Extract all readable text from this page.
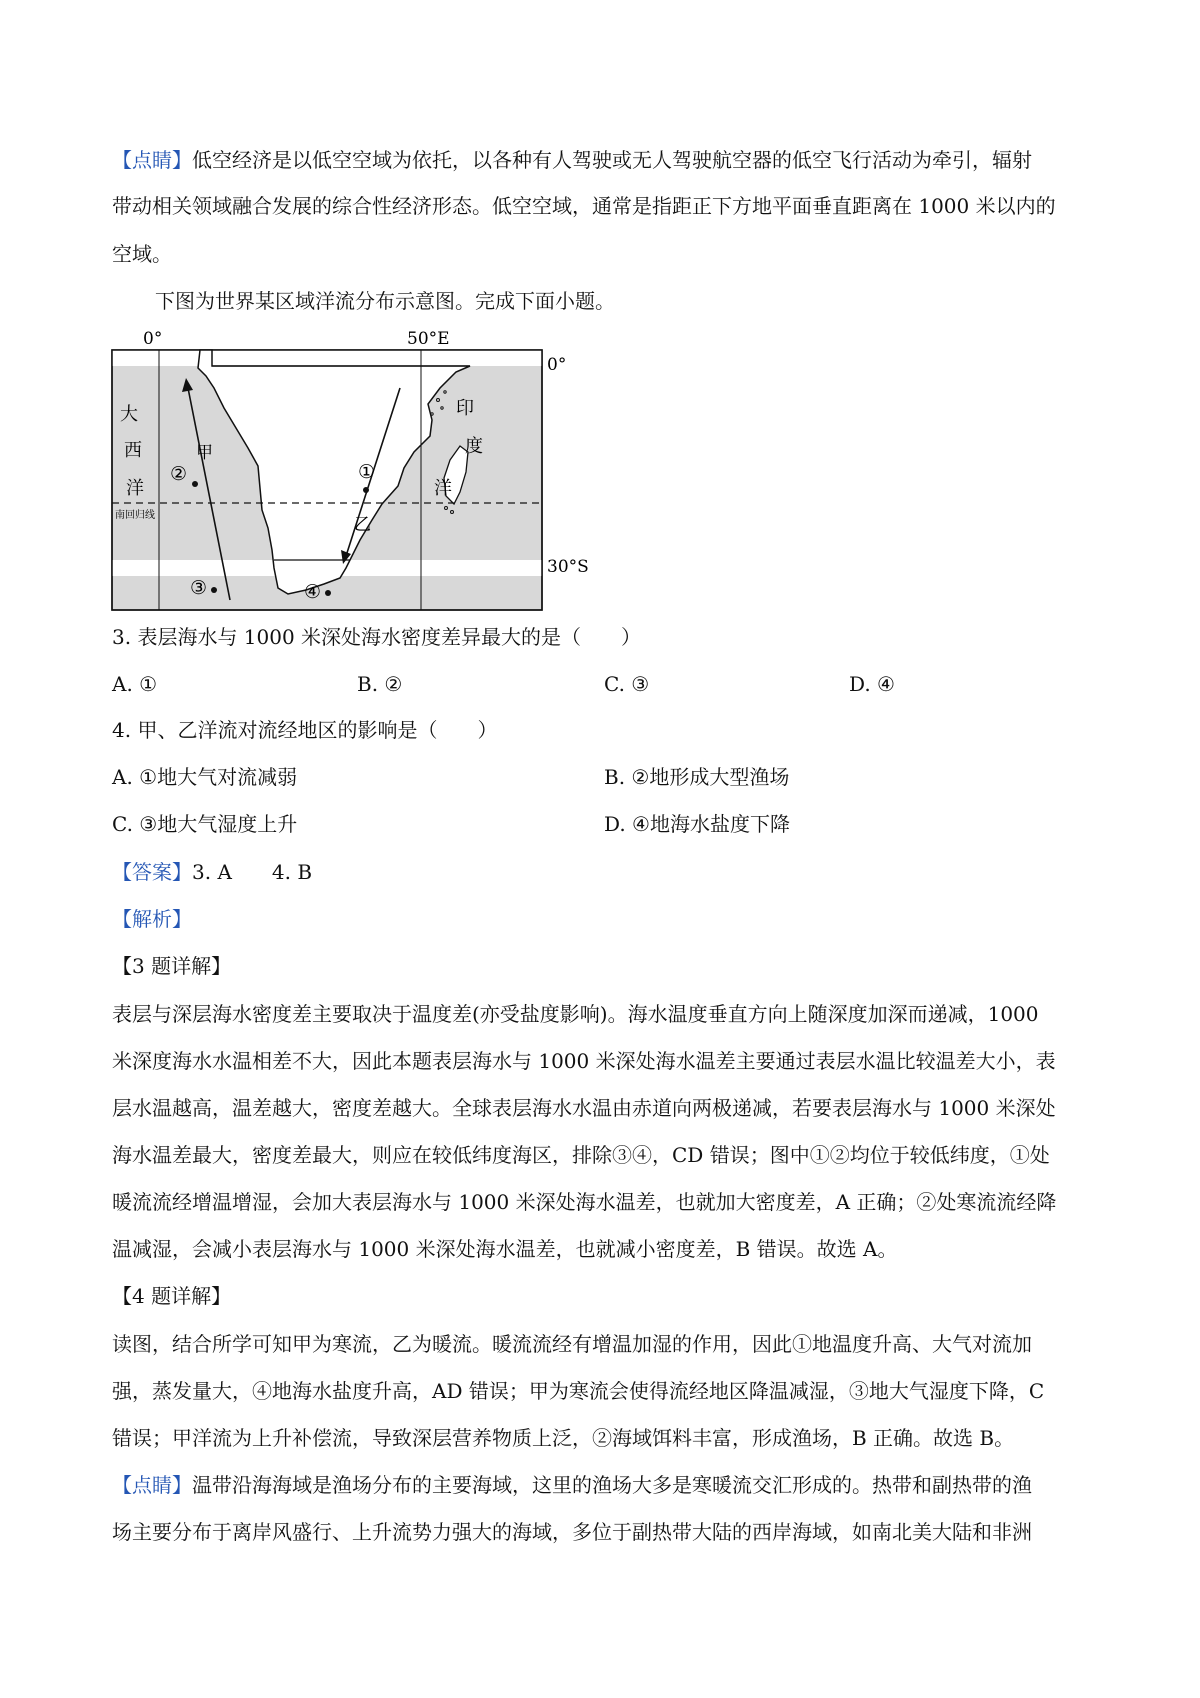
【点睛】低空经济是以低空空域为依托，以各种有人驾驶或无人驾驶航空器的低空飞行活动为牵引，辐射
带动相关领域融合发展的综合性经济形态。低空空域，通常是指距正下方地平面垂直距离在 1000 米以内的
空域。
下图为世界某区域洋流分布示意图。完成下面小题。
0°	50°E
0°
30°S
南回归线
大
西
洋
印
度
洋
甲
乙
①
②
③	④
3. 表层海水与 1000 米深处海水密度差异最大的是（　　）
A. ①	B. ②	C. ③	D. ④
4. 甲、乙洋流对流经地区的影响是（　　）
A. ①地大气对流减弱	B. ②地形成大型渔场
C. ③地大气湿度上升	D. ④地海水盐度下降
【答案】3. A　　4. B
【解析】
【3 题详解】
表层与深层海水密度差主要取决于温度差(亦受盐度影响)。海水温度垂直方向上随深度加深而递减，1000
米深度海水水温相差不大，因此本题表层海水与 1000 米深处海水温差主要通过表层水温比较温差大小，表
层水温越高，温差越大，密度差越大。全球表层海水水温由赤道向两极递减，若要表层海水与 1000 米深处
海水温差最大，密度差最大，则应在较低纬度海区，排除③④，CD 错误；图中①②均位于较低纬度，①处
暖流流经增温增湿，会加大表层海水与 1000 米深处海水温差，也就加大密度差，A 正确；②处寒流流经降
温减湿，会减小表层海水与 1000 米深处海水温差，也就减小密度差，B 错误。故选 A。
【4 题详解】
读图，结合所学可知甲为寒流，乙为暖流。暖流流经有增温加湿的作用，因此①地温度升高、大气对流加
强，蒸发量大，④地海水盐度升高，AD 错误；甲为寒流会使得流经地区降温减湿，③地大气湿度下降，C
错误；甲洋流为上升补偿流，导致深层营养物质上泛，②海域饵料丰富，形成渔场，B 正确。故选 B。
【点睛】温带沿海海域是渔场分布的主要海域，这里的渔场大多是寒暖流交汇形成的。热带和副热带的渔
场主要分布于离岸风盛行、上升流势力强大的海域，多位于副热带大陆的西岸海域，如南北美大陆和非洲
